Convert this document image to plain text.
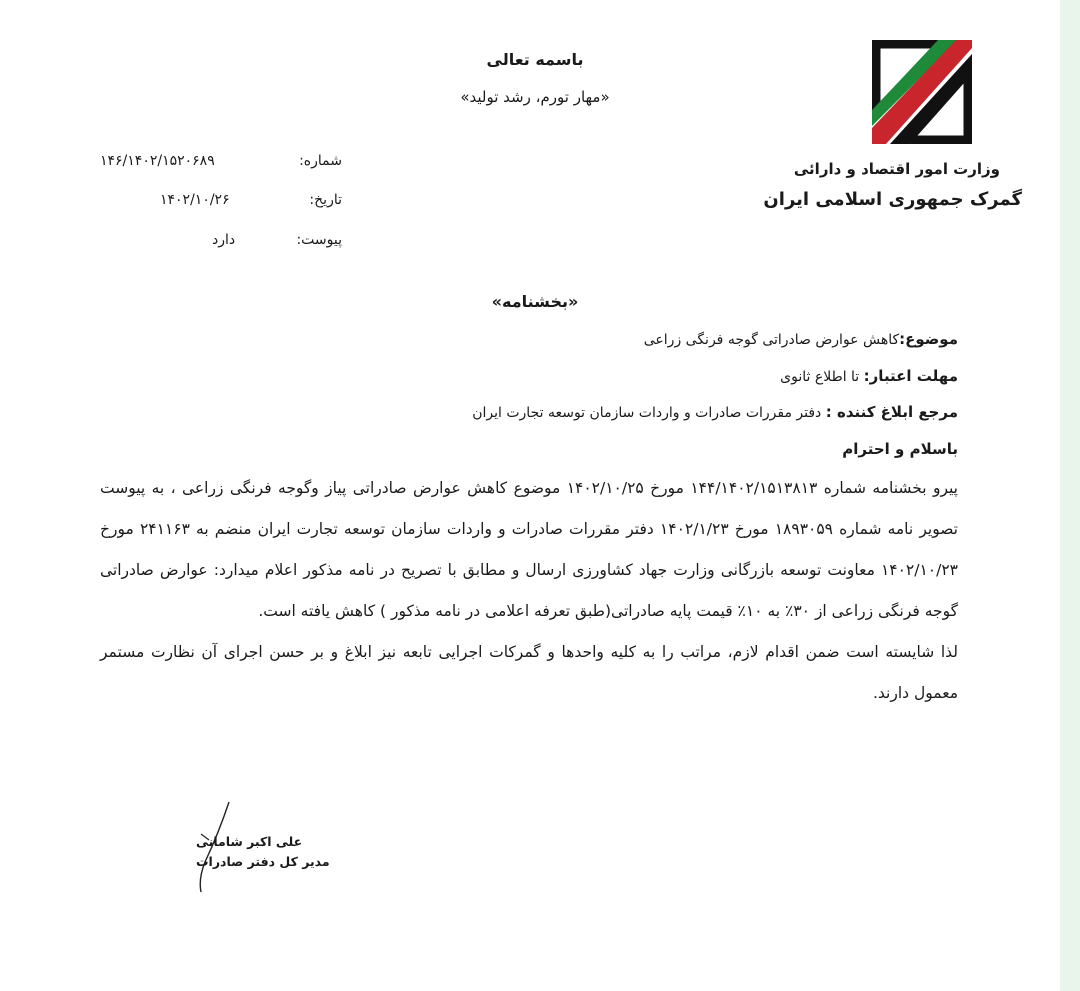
باسمه تعالی
«مهار تورم، رشد تولید»
وزارت امور اقتصاد و دارائی
گمرک جمهوری اسلامی ایران
شماره:
۱۴۶/۱۴۰۲/۱۵۲۰۶۸۹
تاریخ:
۱۴۰۲/۱۰/۲۶
پیوست:
دارد
«بخشنامه»
موضوع:کاهش عوارض صادراتی گوجه فرنگی زراعی
مهلت اعتبار: تا اطلاع ثانوی
مرجع ابلاغ کننده : دفتر مقررات صادرات و واردات سازمان توسعه تجارت ایران
باسلام و احترام

پیرو بخشنامه شماره ۱۴۴/۱۴۰۲/۱۵۱۳۸۱۳ مورخ ۱۴۰۲/۱۰/۲۵ موضوع کاهش عوارض صادراتی پیاز وگوجه فرنگی زراعی ، به پیوست تصویر نامه شماره ۱۸۹۳۰۵۹ مورخ ۱۴۰۲/۱/۲۳ دفتر مقررات صادرات و واردات سازمان توسعه تجارت ایران منضم به ۲۴۱۱۶۳ مورخ ۱۴۰۲/۱۰/۲۳ معاونت توسعه بازرگانی وزارت جهاد کشاورزی ارسال و مطابق با تصریح در نامه مذکور اعلام میدارد: عوارض صادراتی گوجه فرنگی زراعی از ۳۰٪ به ۱۰٪ قیمت پایه صادراتی(طبق تعرفه اعلامی در نامه مذکور ) کاهش یافته است.

لذا شایسته است ضمن اقدام لازم، مراتب را به کلیه واحدها و گمرکات اجرایی تابعه نیز ابلاغ و بر حسن اجرای آن نظارت مستمر معمول دارند.

علی اکبر شامانی
مدیر کل دفتر صادرات
